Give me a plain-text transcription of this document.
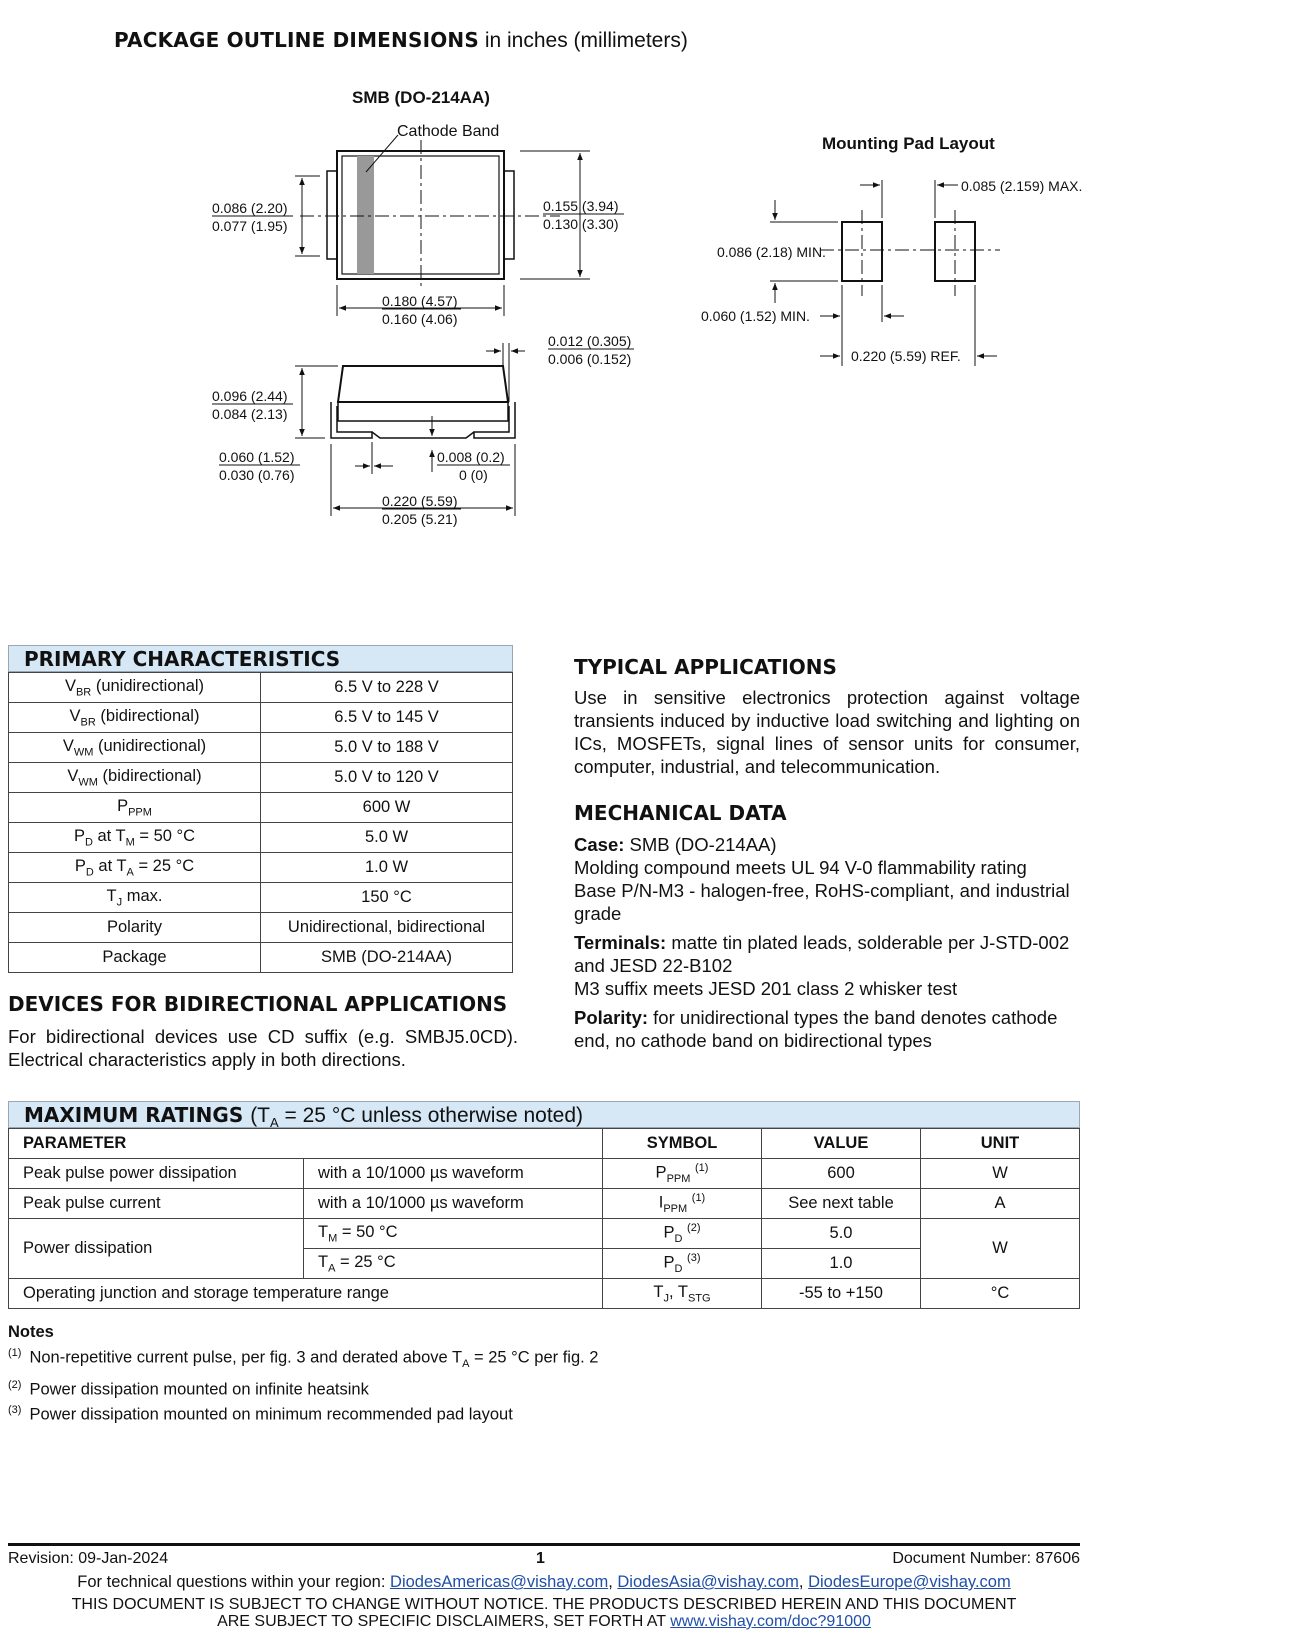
PACKAGE OUTLINE DIMENSIONS in inches (millimeters)
SMB (DO-214AA)
Cathode Band
0.086 (2.20)
0.077 (1.95)
0.155 (3.94)
0.130 (3.30)
0.180 (4.57)
0.160 (4.06)
0.012 (0.305)
0.006 (0.152)
0.096 (2.44)
0.084 (2.13)
0.060 (1.52)
0.030 (0.76)
0.008 (0.2)
0 (0)
0.220 (5.59)
0.205 (5.21)
Mounting Pad Layout
0.085 (2.159) MAX.
0.086 (2.18) MIN.
0.060 (1.52) MIN.
0.220 (5.59) REF.
PRIMARY CHARACTERISTICS
$V_{BR}$ (unidirectional)	6.5 V to 228 V
$V_{BR}$ (bidirectional)	6.5 V to 145 V
$V_{WM}$ (unidirectional)	5.0 V to 188 V
$V_{WM}$ (bidirectional)	5.0 V to 120 V
$P_{PPM}$	600 W
$P_D$ at $T_M = 50$ °C	5.0 W
$P_D$ at $T_A = 25$ °C	1.0 W
$T_J$ max.	150 °C
Polarity	Unidirectional, bidirectional
Package	SMB (DO-214AA)
TYPICAL APPLICATIONS
Use in sensitive electronics protection against voltage transients induced by inductive load switching and lighting on ICs, MOSFETs, signal lines of sensor units for consumer, computer, industrial, and telecommunication.
MECHANICAL DATA
Case: SMB (DO-214AA)
Molding compound meets UL 94 V-0 flammability rating
Base P/N-M3 - halogen-free, RoHS-compliant, and industrial grade
Terminals: matte tin plated leads, solderable per J-STD-002 and JESD 22-B102
M3 suffix meets JESD 201 class 2 whisker test
Polarity: for unidirectional types the band denotes cathode end, no cathode band on bidirectional types
DEVICES FOR BIDIRECTIONAL APPLICATIONS
For bidirectional devices use CD suffix (e.g. SMBJ5.0CD). Electrical characteristics apply in both directions.
MAXIMUM RATINGS ($T_A = 25$ °C unless otherwise noted)
PARAMETER		SYMBOL	VALUE	UNIT
Peak pulse power dissipation	with a 10/1000 µs waveform	$P_{PPM}$ $^{(1)}$	600	W
Peak pulse current	with a 10/1000 µs waveform	$I_{PPM}$ $^{(1)}$	See next table	A
Power dissipation	$T_M = 50$ °C	$P_D$ $^{(2)}$	5.0	W
	$T_A = 25$ °C	$P_D$ $^{(3)}$	1.0	
Operating junction and storage temperature range		$T_J$, $T_{STG}$	-55 to +150	°C
Notes
$^{(1)}$ Non-repetitive current pulse, per fig. 3 and derated above $T_A = 25$ °C per fig. 2
$^{(2)}$ Power dissipation mounted on infinite heatsink
$^{(3)}$ Power dissipation mounted on minimum recommended pad layout
Revision: 09-Jan-2024	1	Document Number: 87606
For technical questions within your region: DiodesAmericas@vishay.com, DiodesAsia@vishay.com, DiodesEurope@vishay.com
THIS DOCUMENT IS SUBJECT TO CHANGE WITHOUT NOTICE. THE PRODUCTS DESCRIBED HEREIN AND THIS DOCUMENT
ARE SUBJECT TO SPECIFIC DISCLAIMERS, SET FORTH AT www.vishay.com/doc?91000
